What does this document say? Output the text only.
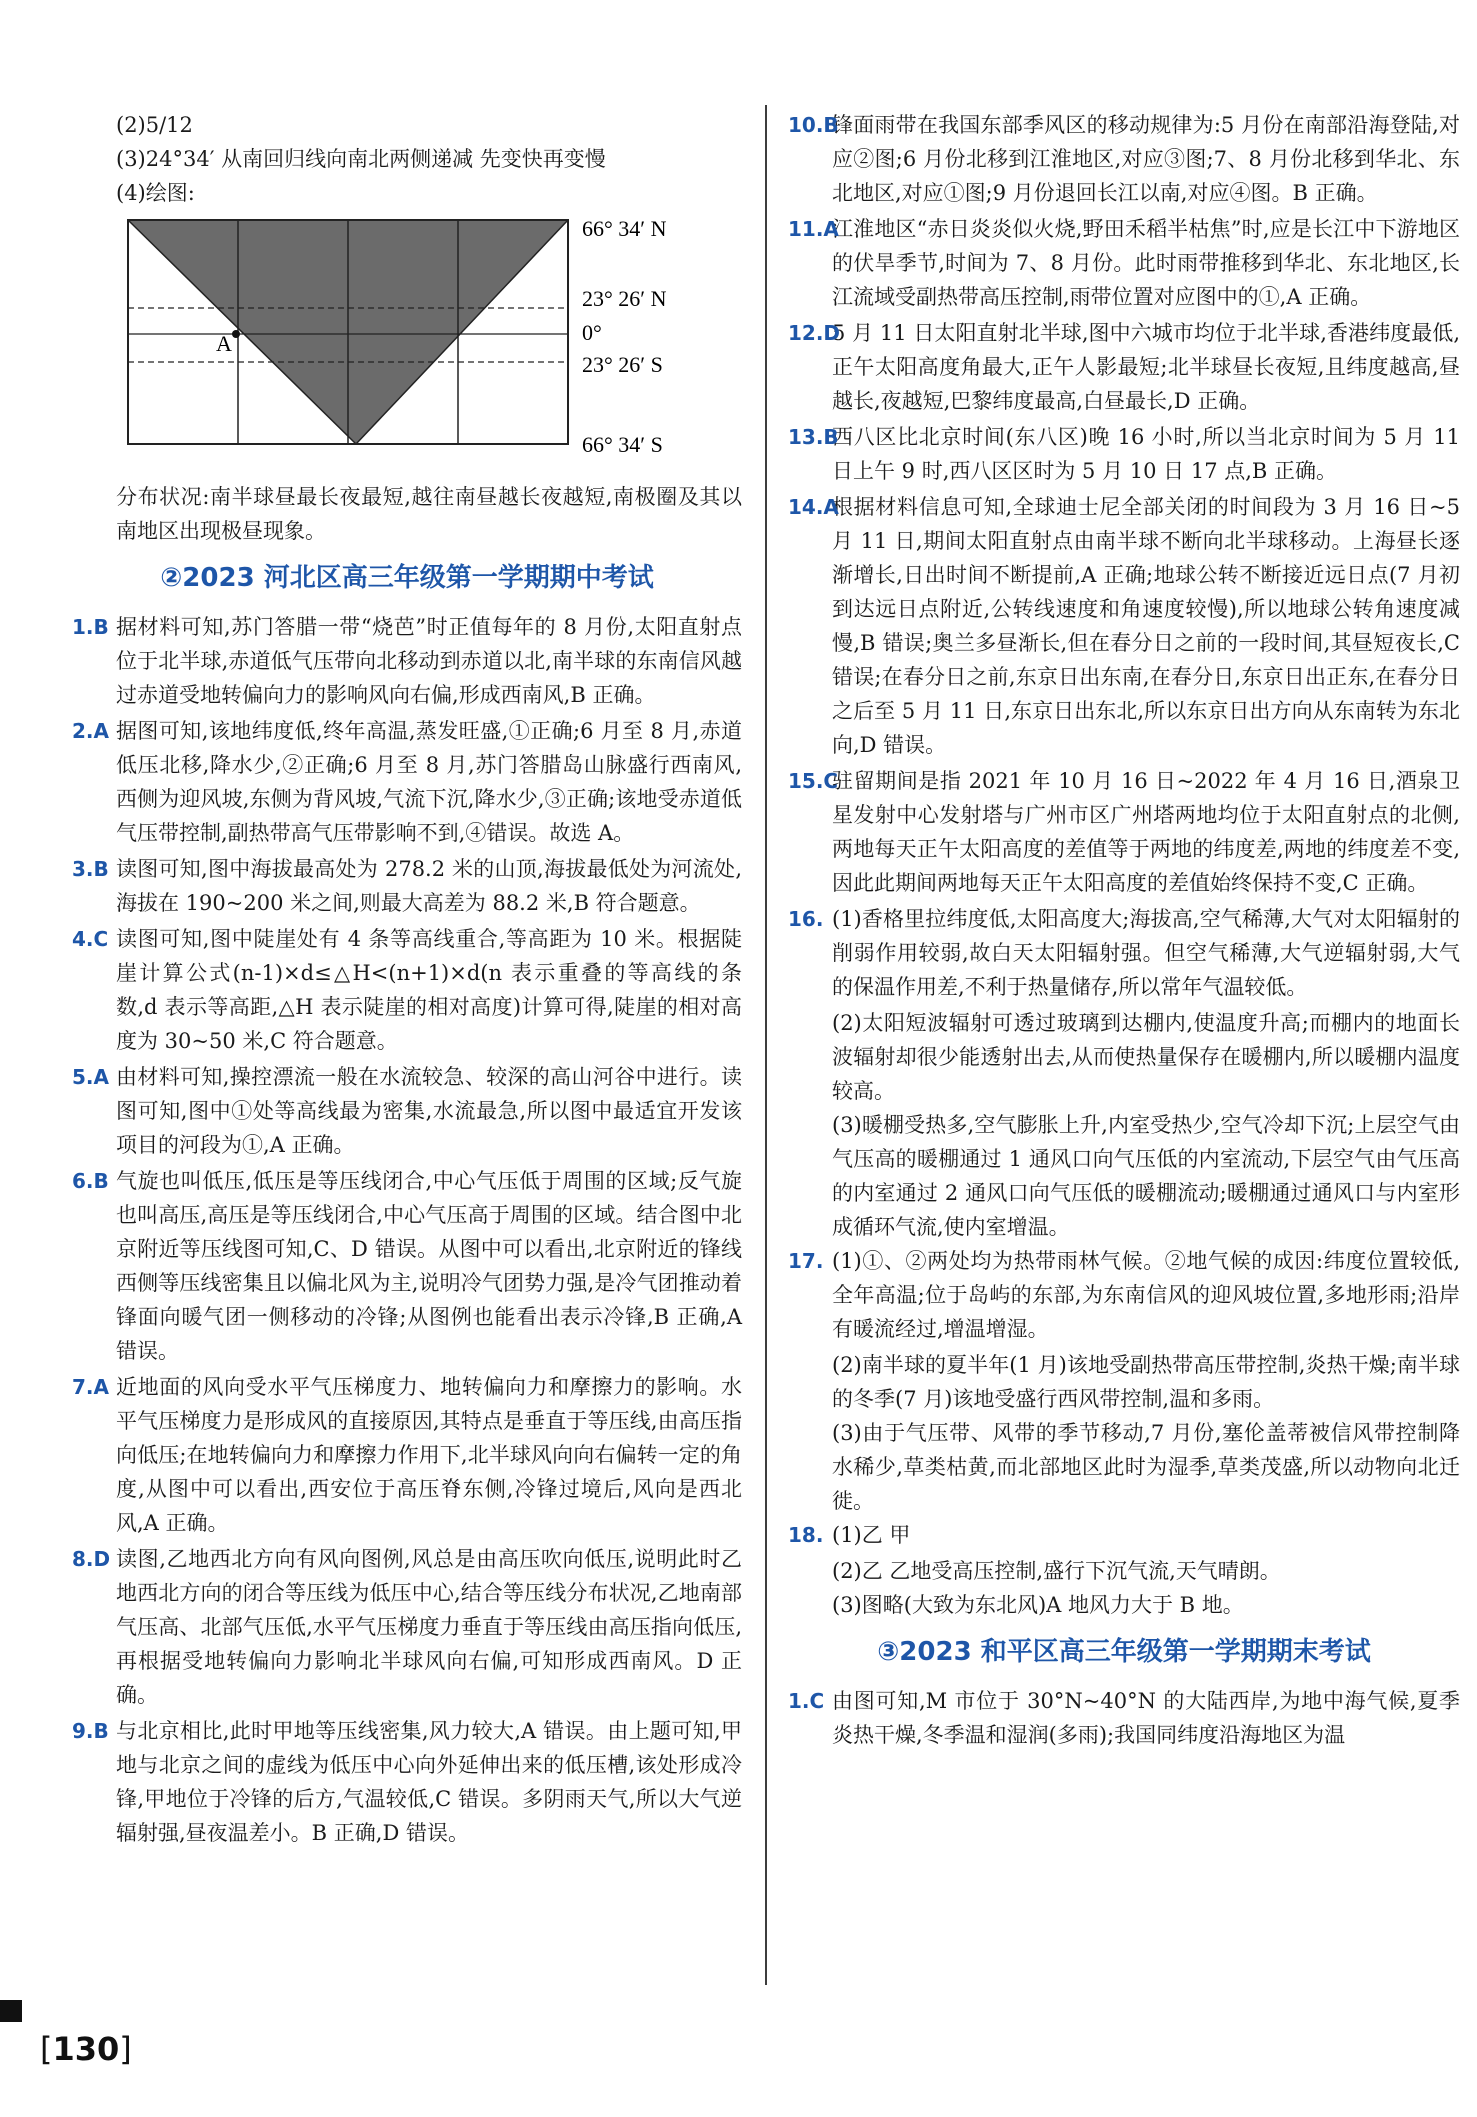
(2)5/12

(3)24°34′ 从南回归线向南北两侧递减 先变快再变慢

(4)绘图:

A
66° 34′ N
23° 26′ N
0°
23° 26′ S
66° 34′ S

分布状况:南半球昼最长夜最短,越往南昼越长夜越短,南极圈及其以南地区出现极昼现象。

②2023 河北区高三年级第一学期期中考试
1.B 据材料可知,苏门答腊一带“烧芭”时正值每年的 8 月份,太阳直射点位于北半球,赤道低气压带向北移动到赤道以北,南半球的东南信风越过赤道受地转偏向力的影响风向右偏,形成西南风,B 正确。
2.A 据图可知,该地纬度低,终年高温,蒸发旺盛,①正确;6 月至 8 月,赤道低压北移,降水少,②正确;6 月至 8 月,苏门答腊岛山脉盛行西南风,西侧为迎风坡,东侧为背风坡,气流下沉,降水少,③正确;该地受赤道低气压带控制,副热带高气压带影响不到,④错误。故选 A。
3.B 读图可知,图中海拔最高处为 278.2 米的山顶,海拔最低处为河流处,海拔在 190~200 米之间,则最大高差为 88.2 米,B 符合题意。
4.C 读图可知,图中陡崖处有 4 条等高线重合,等高距为 10 米。根据陡崖计算公式(n-1)×d≤△H<(n+1)×d(n 表示重叠的等高线的条数,d 表示等高距,△H 表示陡崖的相对高度)计算可得,陡崖的相对高度为 30~50 米,C 符合题意。
5.A 由材料可知,操控漂流一般在水流较急、较深的高山河谷中进行。读图可知,图中①处等高线最为密集,水流最急,所以图中最适宜开发该项目的河段为①,A 正确。
6.B 气旋也叫低压,低压是等压线闭合,中心气压低于周围的区域;反气旋也叫高压,高压是等压线闭合,中心气压高于周围的区域。结合图中北京附近等压线图可知,C、D 错误。从图中可以看出,北京附近的锋线西侧等压线密集且以偏北风为主,说明冷气团势力强,是冷气团推动着锋面向暖气团一侧移动的冷锋;从图例也能看出表示冷锋,B 正确,A 错误。
7.A 近地面的风向受水平气压梯度力、地转偏向力和摩擦力的影响。水平气压梯度力是形成风的直接原因,其特点是垂直于等压线,由高压指向低压;在地转偏向力和摩擦力作用下,北半球风向向右偏转一定的角度,从图中可以看出,西安位于高压脊东侧,冷锋过境后,风向是西北风,A 正确。
8.D 读图,乙地西北方向有风向图例,风总是由高压吹向低压,说明此时乙地西北方向的闭合等压线为低压中心,结合等压线分布状况,乙地南部气压高、北部气压低,水平气压梯度力垂直于等压线由高压指向低压,再根据受地转偏向力影响北半球风向右偏,可知形成西南风。D 正确。
9.B 与北京相比,此时甲地等压线密集,风力较大,A 错误。由上题可知,甲地与北京之间的虚线为低压中心向外延伸出来的低压槽,该处形成冷锋,甲地位于冷锋的后方,气温较低,C 错误。多阴雨天气,所以大气逆辐射强,昼夜温差小。B 正确,D 错误。
10.B
锋面雨带在我国东部季风区的移动规律为:5 月份在南部沿海登陆,对应②图;6 月份北移到江淮地区,对应③图;7、8 月份北移到华北、东北地区,对应①图;9 月份退回长江以南,对应④图。B 正确。
11.A
江淮地区“赤日炎炎似火烧,野田禾稻半枯焦”时,应是长江中下游地区的伏旱季节,时间为 7、8 月份。此时雨带推移到华北、东北地区,长江流域受副热带高压控制,雨带位置对应图中的①,A 正确。
12.D
5 月 11 日太阳直射北半球,图中六城市均位于北半球,香港纬度最低,正午太阳高度角最大,正午人影最短;北半球昼长夜短,且纬度越高,昼越长,夜越短,巴黎纬度最高,白昼最长,D 正确。
13.B
西八区比北京时间(东八区)晚 16 小时,所以当北京时间为 5 月 11 日上午 9 时,西八区区时为 5 月 10 日 17 点,B 正确。
14.A
根据材料信息可知,全球迪士尼全部关闭的时间段为 3 月 16 日~5 月 11 日,期间太阳直射点由南半球不断向北半球移动。上海昼长逐渐增长,日出时间不断提前,A 正确;地球公转不断接近远日点(7 月初到达远日点附近,公转线速度和角速度较慢),所以地球公转角速度减慢,B 错误;奥兰多昼渐长,但在春分日之前的一段时间,其昼短夜长,C 错误;在春分日之前,东京日出东南,在春分日,东京日出正东,在春分日之后至 5 月 11 日,东京日出东北,所以东京日出方向从东南转为东北向,D 错误。
15.C
驻留期间是指 2021 年 10 月 16 日~2022 年 4 月 16 日,酒泉卫星发射中心发射塔与广州市区广州塔两地均位于太阳直射点的北侧,两地每天正午太阳高度的差值等于两地的纬度差,两地的纬度差不变,因此此期间两地每天正午太阳高度的差值始终保持不变,C 正确。
16. (1)香格里拉纬度低,太阳高度大;海拔高,空气稀薄,大气对太阳辐射的削弱作用较弱,故白天太阳辐射强。但空气稀薄,大气逆辐射弱,大气的保温作用差,不利于热量储存,所以常年气温较低。

(2)太阳短波辐射可透过玻璃到达棚内,使温度升高;而棚内的地面长波辐射却很少能透射出去,从而使热量保存在暖棚内,所以暖棚内温度较高。

(3)暖棚受热多,空气膨胀上升,内室受热少,空气冷却下沉;上层空气由气压高的暖棚通过 1 通风口向气压低的内室流动,下层空气由气压高的内室通过 2 通风口向气压低的暖棚流动;暖棚通过通风口与内室形成循环气流,使内室增温。

17. (1)①、②两处均为热带雨林气候。②地气候的成因:纬度位置较低,全年高温;位于岛屿的东部,为东南信风的迎风坡位置,多地形雨;沿岸有暖流经过,增温增湿。

(2)南半球的夏半年(1 月)该地受副热带高压带控制,炎热干燥;南半球的冬季(7 月)该地受盛行西风带控制,温和多雨。

(3)由于气压带、风带的季节移动,7 月份,塞伦盖蒂被信风带控制降水稀少,草类枯黄,而北部地区此时为湿季,草类茂盛,所以动物向北迁徙。

18. (1)乙 甲

(2)乙 乙地受高压控制,盛行下沉气流,天气晴朗。

(3)图略(大致为东北风)A 地风力大于 B 地。

③2023 和平区高三年级第一学期期末考试
1.C 由图可知,M 市位于 30°N~40°N 的大陆西岸,为地中海气候,夏季炎热干燥,冬季温和湿润(多雨);我国同纬度沿海地区为温
[130]
